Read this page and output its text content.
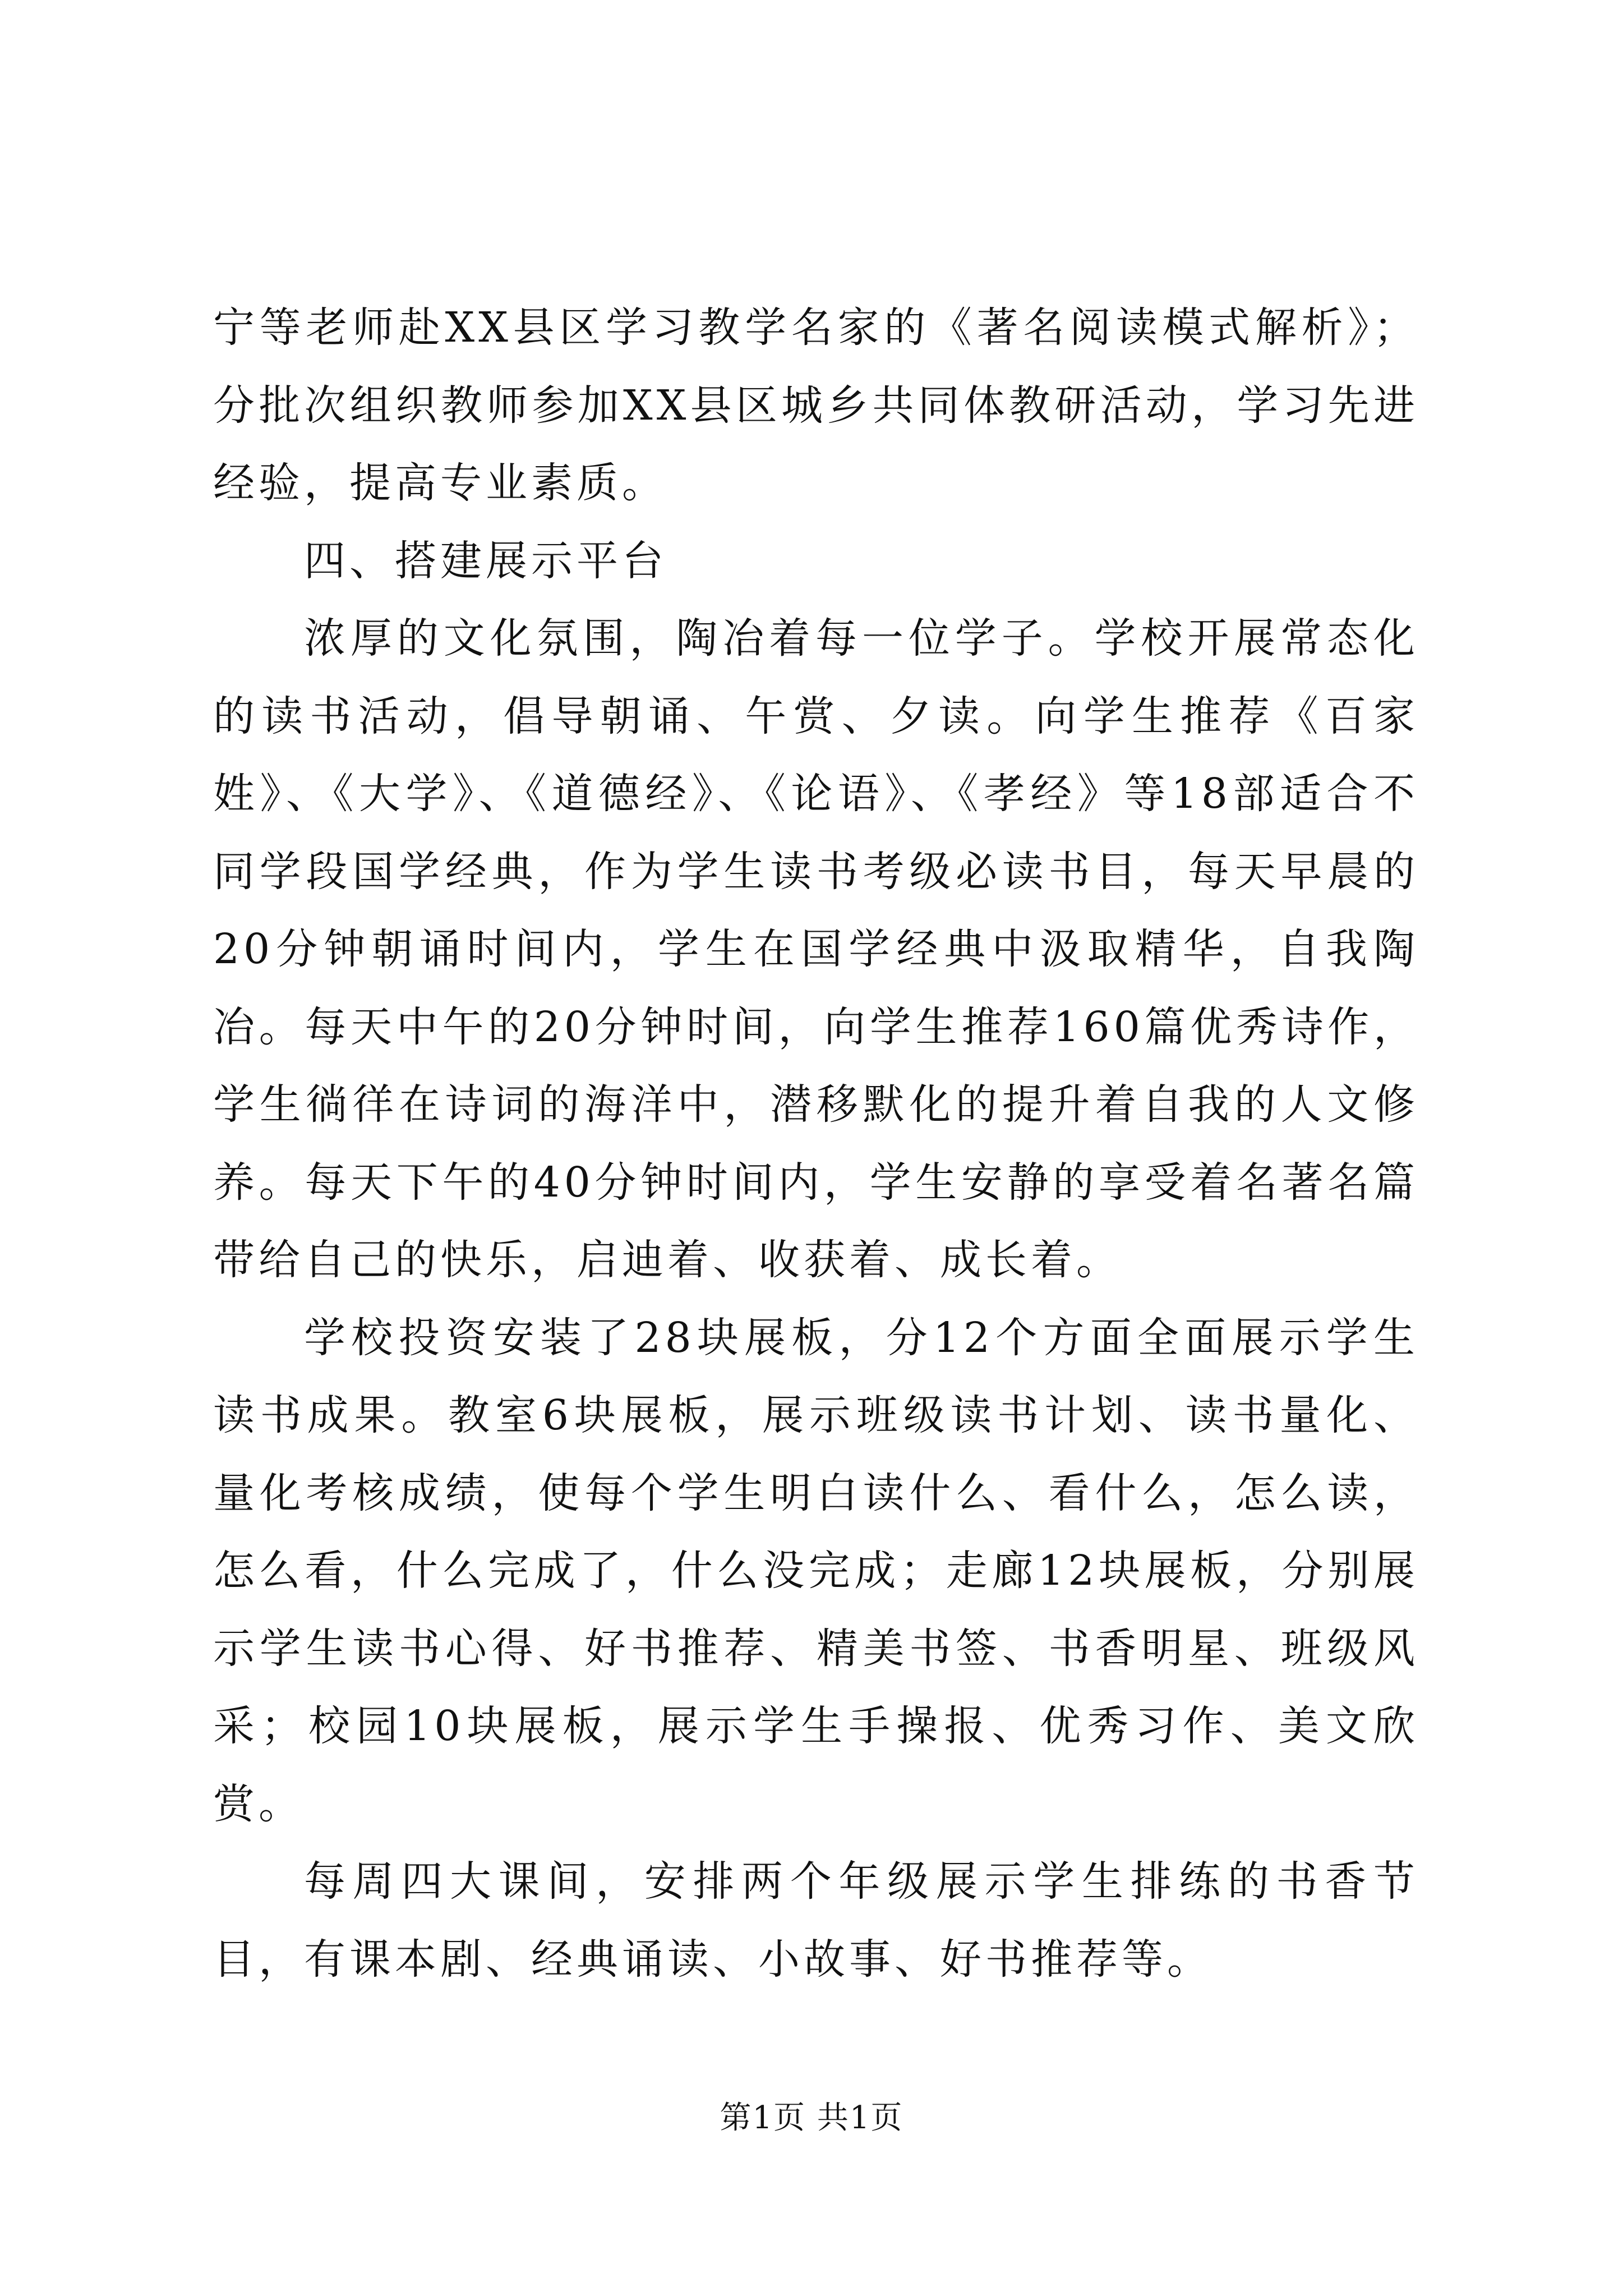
宁等老师赴XX县区学习教学名家的《著名阅读模式解析》；分批次组织教师参加XX县区城乡共同体教研活动，学习先进经验，提高专业素质。

四、搭建展示平台

浓厚的文化氛围，陶冶着每一位学子。学校开展常态化的读书活动，倡导朝诵、午赏、夕读。向学生推荐《百家姓》、《大学》、《道德经》、《论语》、《孝经》等18部适合不同学段国学经典，作为学生读书考级必读书目，每天早晨的20分钟朝诵时间内，学生在国学经典中汲取精华，自我陶冶。每天中午的20分钟时间，向学生推荐160篇优秀诗作，学生徜徉在诗词的海洋中，潜移默化的提升着自我的人文修养。每天下午的40分钟时间内，学生安静的享受着名著名篇带给自己的快乐，启迪着、收获着、成长着。

学校投资安装了28块展板，分12个方面全面展示学生读书成果。教室6块展板，展示班级读书计划、读书量化、量化考核成绩，使每个学生明白读什么、看什么，怎么读，怎么看，什么完成了，什么没完成；走廊12块展板，分别展示学生读书心得、好书推荐、精美书签、书香明星、班级风采；校园10块展板，展示学生手操报、优秀习作、美文欣赏。

每周四大课间，安排两个年级展示学生排练的书香节目，有课本剧、经典诵读、小故事、好书推荐等。

第1页 共1页
